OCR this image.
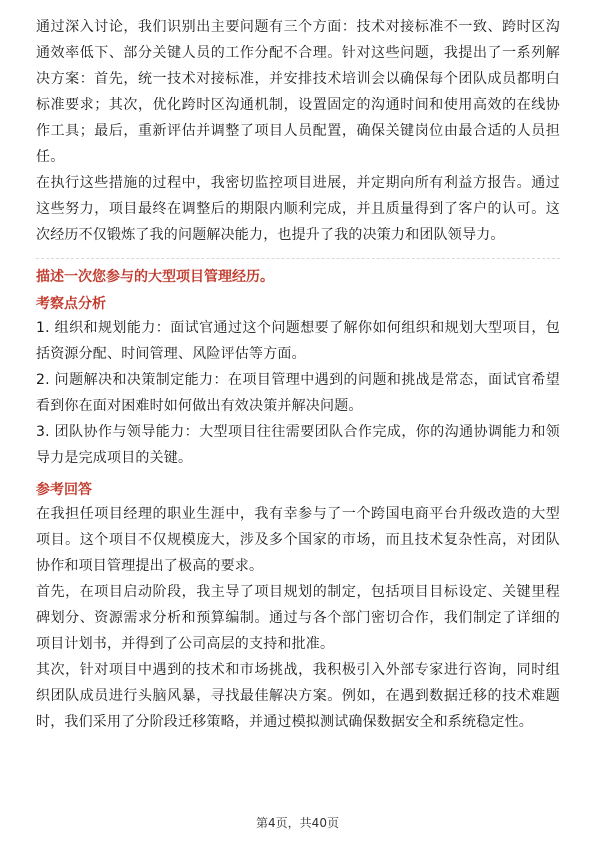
通过深入讨论，我们识别出主要问题有三个方面：技术对接标准不一致、跨时区沟通效率低下、部分关键人员的工作分配不合理。针对这些问题，我提出了一系列解决方案：首先，统一技术对接标准，并安排技术培训会以确保每个团队成员都明白标准要求；其次，优化跨时区沟通机制，设置固定的沟通时间和使用高效的在线协作工具；最后，重新评估并调整了项目人员配置，确保关键岗位由最合适的人员担任。

在执行这些措施的过程中，我密切监控项目进展，并定期向所有利益方报告。通过这些努力，项目最终在调整后的期限内顺利完成，并且质量得到了客户的认可。这次经历不仅锻炼了我的问题解决能力，也提升了我的决策力和团队领导力。

描述一次您参与的大型项目管理经历。

考察点分析

1. 组织和规划能力：面试官通过这个问题想要了解你如何组织和规划大型项目，包括资源分配、时间管理、风险评估等方面。

2. 问题解决和决策制定能力：在项目管理中遇到的问题和挑战是常态，面试官希望看到你在面对困难时如何做出有效决策并解决问题。

3. 团队协作与领导能力：大型项目往往需要团队合作完成，你的沟通协调能力和领导力是完成项目的关键。

参考回答

在我担任项目经理的职业生涯中，我有幸参与了一个跨国电商平台升级改造的大型项目。这个项目不仅规模庞大，涉及多个国家的市场，而且技术复杂性高，对团队协作和项目管理提出了极高的要求。

首先，在项目启动阶段，我主导了项目规划的制定，包括项目目标设定、关键里程碑划分、资源需求分析和预算编制。通过与各个部门密切合作，我们制定了详细的项目计划书，并得到了公司高层的支持和批准。

其次，针对项目中遇到的技术和市场挑战，我积极引入外部专家进行咨询，同时组织团队成员进行头脑风暴，寻找最佳解决方案。例如，在遇到数据迁移的技术难题时，我们采用了分阶段迁移策略，并通过模拟测试确保数据安全和系统稳定性。

第4页，共40页
